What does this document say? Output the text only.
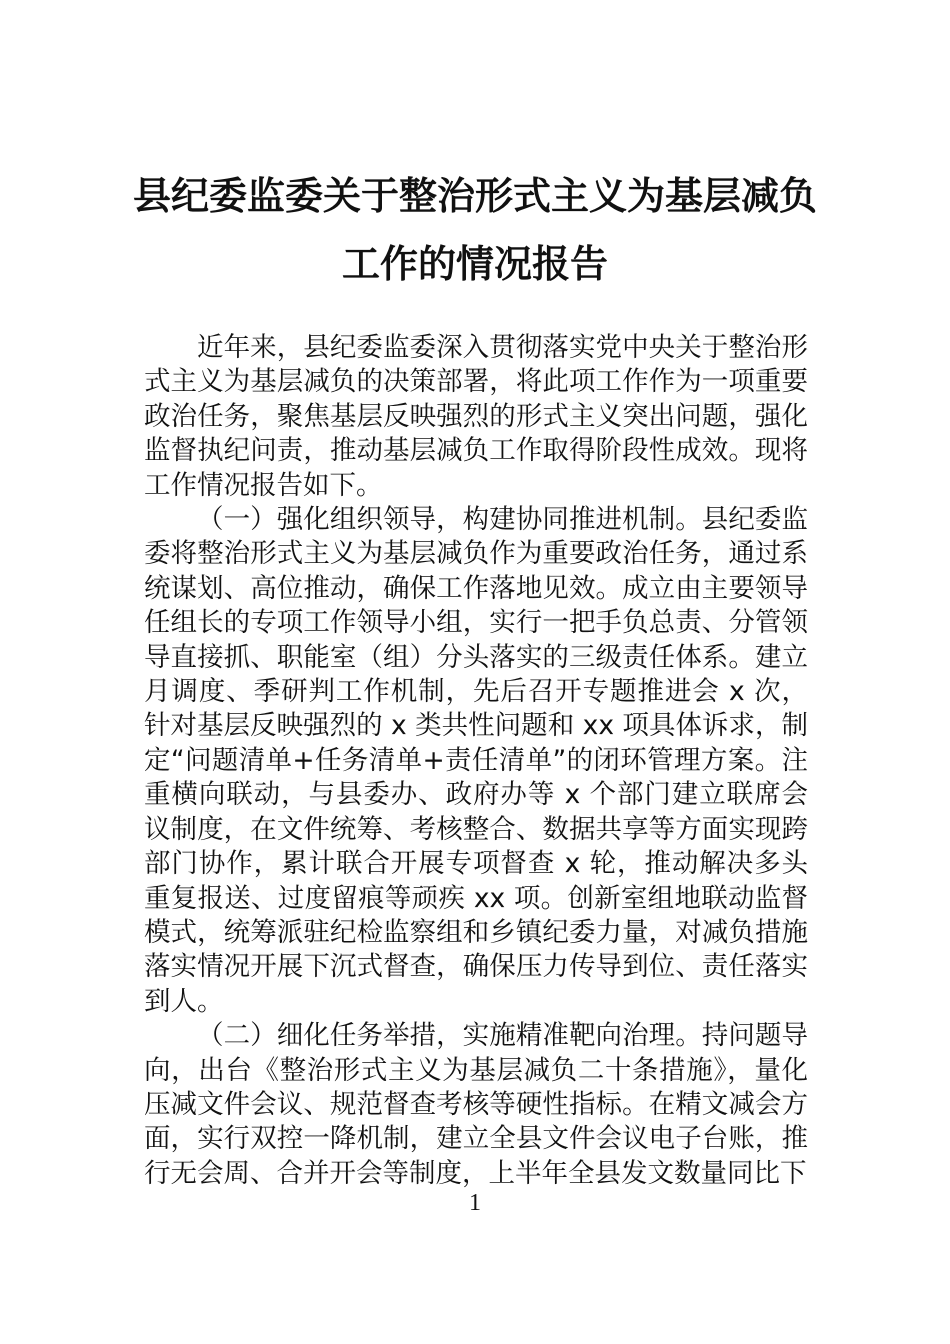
县纪委监委关于整治形式主义为基层减负
工作的情况报告

近年来，县纪委监委深入贯彻落实党中央关于整治形式主义为基层减负的决策部署，将此项工作作为一项重要政治任务，聚焦基层反映强烈的形式主义突出问题，强化监督执纪问责，推动基层减负工作取得阶段性成效。现将工作情况报告如下。

（一）强化组织领导，构建协同推进机制。县纪委监委将整治形式主义为基层减负作为重要政治任务，通过系统谋划、高位推动，确保工作落地见效。成立由主要领导任组长的专项工作领导小组，实行一把手负总责、分管领导直接抓、职能室（组）分头落实的三级责任体系。建立月调度、季研判工作机制，先后召开专题推进会 x 次，针对基层反映强烈的 x 类共性问题和 xx 项具体诉求，制定“问题清单+任务清单+责任清单”的闭环管理方案。注重横向联动，与县委办、政府办等 x 个部门建立联席会议制度，在文件统筹、考核整合、数据共享等方面实现跨部门协作，累计联合开展专项督查 x 轮，推动解决多头重复报送、过度留痕等顽疾 xx 项。创新室组地联动监督模式，统筹派驻纪检监察组和乡镇纪委力量，对减负措施落实情况开展下沉式督查，确保压力传导到位、责任落实到人。

（二）细化任务举措，实施精准靶向治理。持问题导向，出台《整治形式主义为基层减负二十条措施》，量化压减文件会议、规范督查考核等硬性指标。在精文减会方面，实行双控一降机制，建立全县文件会议电子台账，推行无会周、合并开会等制度，上半年全县发文数量同比下

1
